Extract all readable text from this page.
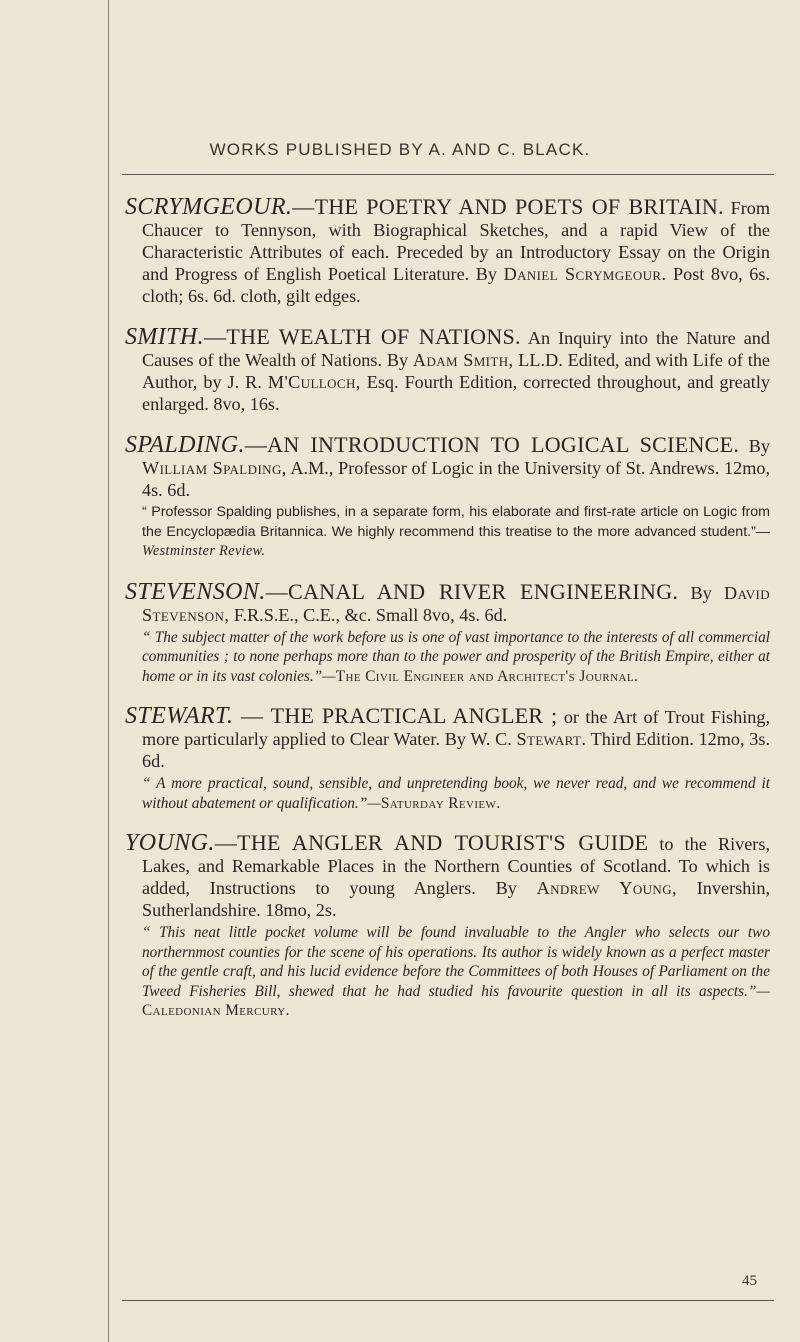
WORKS PUBLISHED BY A. AND C. BLACK.

SCRYMGEOUR.—THE POETRY AND POETS OF BRITAIN. From Chaucer to Tennyson, with Biographical Sketches, and a rapid View of the Characteristic Attributes of each. Preceded by an Introductory Essay on the Origin and Progress of English Poetical Literature. By Daniel Scrymgeour. Post 8vo, 6s. cloth; 6s. 6d. cloth, gilt edges.

SMITH.—THE WEALTH OF NATIONS. An Inquiry into the Nature and Causes of the Wealth of Nations. By Adam Smith, LL.D. Edited, and with Life of the Author, by J. R. M'Culloch, Esq. Fourth Edition, corrected throughout, and greatly enlarged. 8vo, 16s.

SPALDING.—AN INTRODUCTION TO LOGICAL SCIENCE. By William Spalding, A.M., Professor of Logic in the University of St. Andrews. 12mo, 4s. 6d.

“ Professor Spalding publishes, in a separate form, his elaborate and first-rate article on Logic from the Encyclopædia Britannica. We highly recommend this treatise to the more advanced student.”—Westminster Review.

STEVENSON.—CANAL AND RIVER ENGINEERING. By David Stevenson, F.R.S.E., C.E., &c. Small 8vo, 4s. 6d.

“ The subject matter of the work before us is one of vast importance to the interests of all commercial communities ; to none perhaps more than to the power and prosperity of the British Empire, either at home or in its vast colonies.”—The Civil Engineer and Architect's Journal.

STEWART. — THE PRACTICAL ANGLER ; or the Art of Trout Fishing, more particularly applied to Clear Water. By W. C. Stewart. Third Edition. 12mo, 3s. 6d.

“ A more practical, sound, sensible, and unpretending book, we never read, and we recommend it without abatement or qualification.”—Saturday Review.

YOUNG.—THE ANGLER AND TOURIST'S GUIDE to the Rivers, Lakes, and Remarkable Places in the Northern Counties of Scotland. To which is added, Instructions to young Anglers. By Andrew Young, Invershin, Sutherlandshire. 18mo, 2s.

“ This neat little pocket volume will be found invaluable to the Angler who selects our two northernmost counties for the scene of his operations. Its author is widely known as a perfect master of the gentle craft, and his lucid evidence before the Committees of both Houses of Parliament on the Tweed Fisheries Bill, shewed that he had studied his favourite question in all its aspects.”—Caledonian Mercury.

45
